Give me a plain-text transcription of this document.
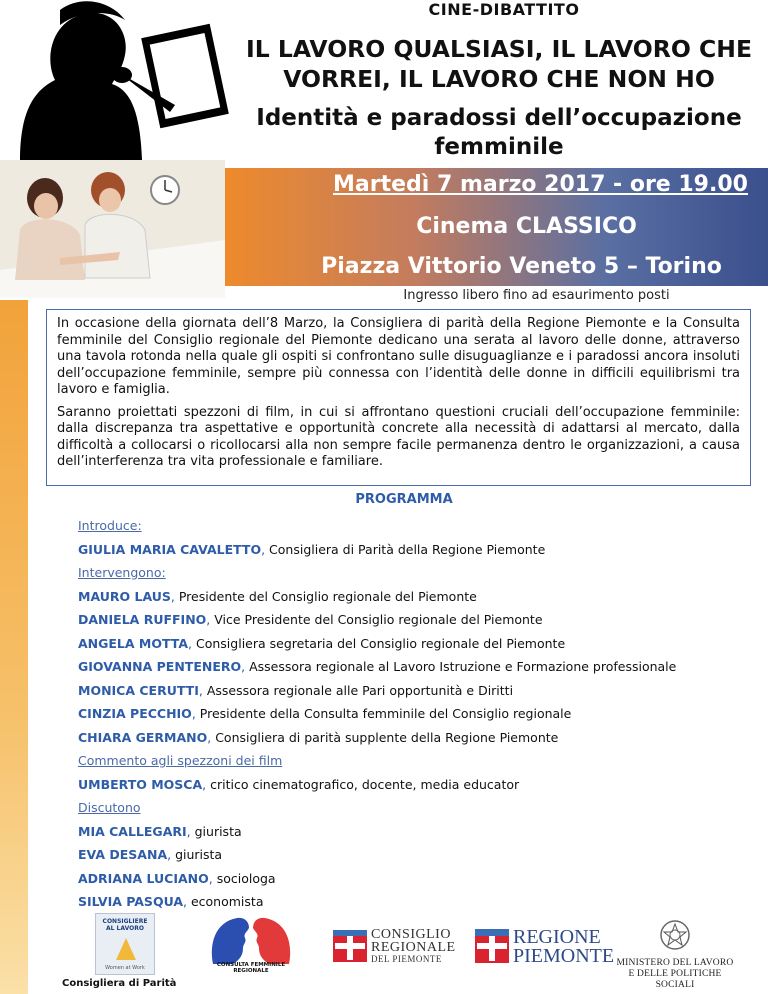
CINE-DIBATTITO
IL LAVORO QUALSIASI, IL LAVORO CHE
VORREI, IL LAVORO CHE NON HO
Identità e paradossi dell’occupazione
femminile
Martedì 7 marzo 2017 - ore 19.00
Cinema CLASSICO
Piazza Vittorio Veneto 5 – Torino
Ingresso libero fino ad esaurimento posti

In occasione della giornata dell’8 Marzo, la Consigliera di parità della Regione Piemonte e la Consulta femminile del Consiglio regionale del Piemonte dedicano una serata al lavoro delle donne, attraverso una tavola rotonda nella quale gli ospiti si confrontano sulle disuguaglianze e i paradossi ancora insoluti dell’occupazione femminile, sempre più connessa con l’identità delle donne in difficili equilibrismi tra lavoro e famiglia.

Saranno proiettati spezzoni di film, in cui si affrontano questioni cruciali dell’occupazione femminile: dalla discrepanza tra aspettative e opportunità concrete alla necessità di adattarsi al mercato, dalla difficoltà a collocarsi o ricollocarsi alla non sempre facile permanenza dentro le organizzazioni, a causa dell’interferenza tra vita professionale e familiare.

PROGRAMMA
Introduce:
GIULIA MARIA CAVALETTO, Consigliera di Parità della Regione Piemonte
Intervengono:
MAURO LAUS, Presidente del Consiglio regionale del Piemonte
DANIELA RUFFINO, Vice Presidente del Consiglio regionale del Piemonte
ANGELA MOTTA, Consigliera segretaria del Consiglio regionale del Piemonte
GIOVANNA PENTENERO, Assessora regionale al Lavoro Istruzione e Formazione professionale
MONICA CERUTTI, Assessora regionale alle Pari opportunità e Diritti
CINZIA PECCHIO, Presidente della Consulta femminile del Consiglio regionale
CHIARA GERMANO, Consigliera di parità supplente della Regione Piemonte
Commento agli spezzoni dei film
UMBERTO MOSCA, critico cinematografico, docente, media educator
Discutono
MIA CALLEGARI, giurista
EVA DESANA, giurista
ADRIANA LUCIANO, sociologa
SILVIA PASQUA, economista
CONSIGLIERE
AL LAVORO
Women at Work
Consigliera di Parità
CONSULTA FEMMINILE REGIONALE
CONSIGLIO
REGIONALE
DEL PIEMONTE
REGIONE
PIEMONTE MINISTERO DEL LAVORO
E DELLE POLITICHE SOCIALI
